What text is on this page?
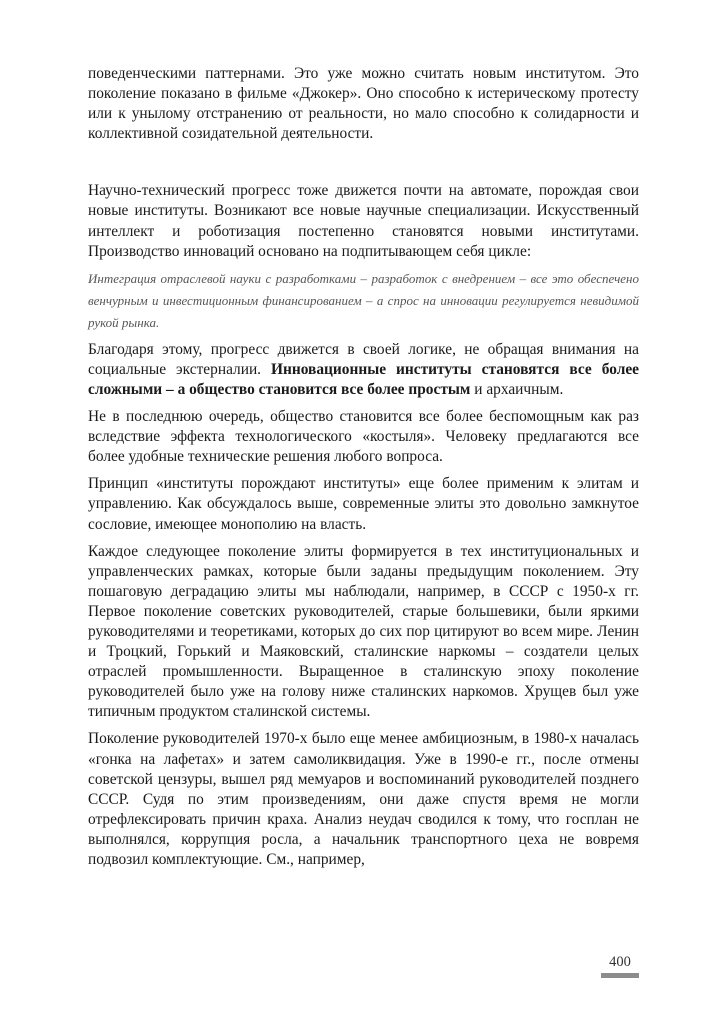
поведенческими паттернами. Это уже можно считать новым институтом. Это поколение показано в фильме «Джокер». Оно способно к истерическому протесту или к унылому отстранению от реальности, но мало способно к солидарности и коллективной созидательной деятельности.

Научно-технический прогресс тоже движется почти на автомате, порождая свои новые институты. Возникают все новые научные специализации. Искусственный интеллект и роботизация постепенно становятся новыми институтами. Производство инноваций основано на подпитывающем себя цикле:

Интеграция отраслевой науки с разработками – разработок с внедрением – все это обеспечено венчурным и инвестиционным финансированием – а спрос на инновации регулируется невидимой рукой рынка.

Благодаря этому, прогресс движется в своей логике, не обращая внимания на социальные экстерналии. Инновационные институты становятся все более сложными – а общество становится все более простым и архаичным.

Не в последнюю очередь, общество становится все более беспомощным как раз вследствие эффекта технологического «костыля». Человеку предлагаются все более удобные технические решения любого вопроса.

Принцип «институты порождают институты» еще более применим к элитам и управлению. Как обсуждалось выше, современные элиты это довольно замкнутое сословие, имеющее монополию на власть.

Каждое следующее поколение элиты формируется в тех институциональных и управленческих рамках, которые были заданы предыдущим поколением. Эту пошаговую деградацию элиты мы наблюдали, например, в СССР с 1950-х гг. Первое поколение советских руководителей, старые большевики, были яркими руководителями и теоретиками, которых до сих пор цитируют во всем мире. Ленин и Троцкий, Горький и Маяковский, сталинские наркомы – создатели целых отраслей промышленности. Выращенное в сталинскую эпоху поколение руководителей было уже на голову ниже сталинских наркомов. Хрущев был уже типичным продуктом сталинской системы.

Поколение руководителей 1970-х было еще менее амбициозным, в 1980-х началась «гонка на лафетах» и затем самоликвидация. Уже в 1990-е гг., после отмены советской цензуры, вышел ряд мемуаров и воспоминаний руководителей позднего СССР. Судя по этим произведениям, они даже спустя время не могли отрефлексировать причин краха. Анализ неудач сводился к тому, что госплан не выполнялся, коррупция росла, а начальник транспортного цеха не вовремя подвозил комплектующие. См., например,

400
